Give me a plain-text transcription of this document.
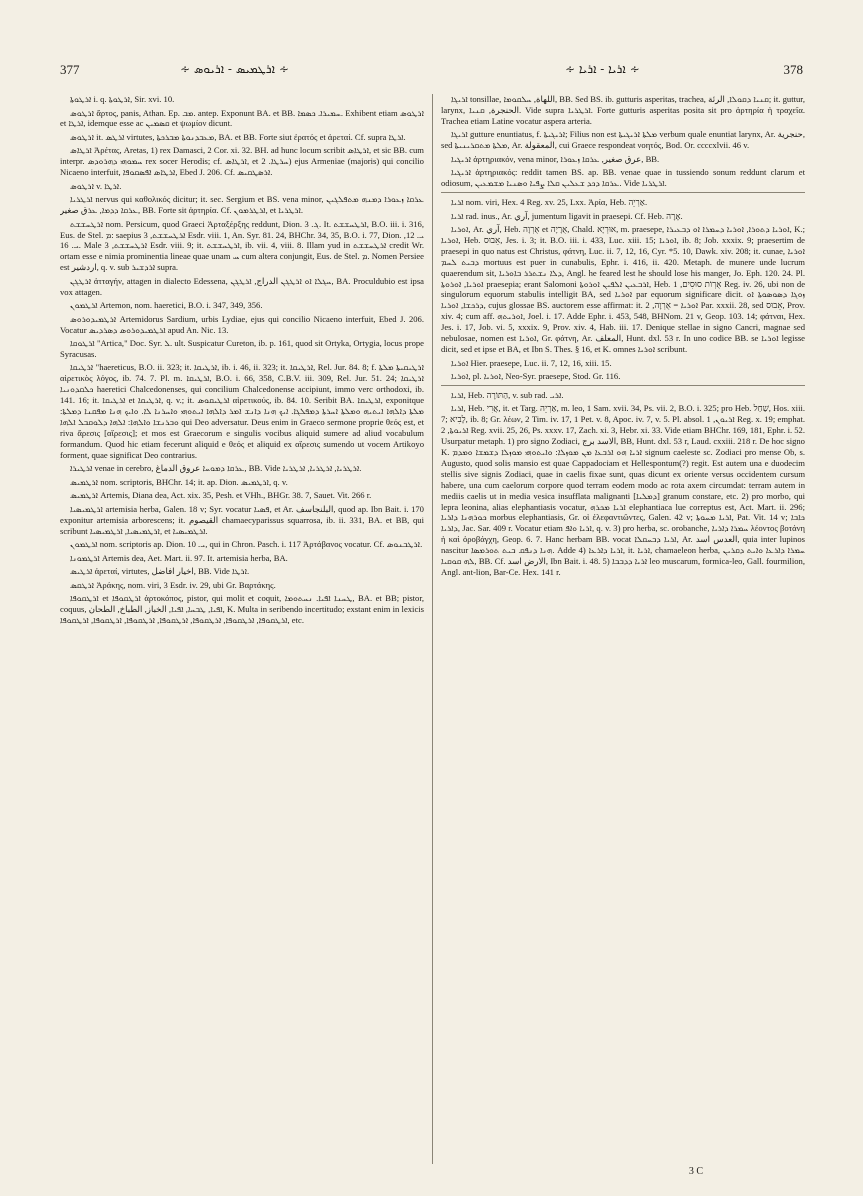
377	∻ ܐܪܛܡܝܣ - ܐܪܝܘܣ ∻	∻ ܐܪܝܐ - ܐܪܝܐ ∻	378

ܐܪܛܘܬܐ i. q. ܐܪܛܘܬܐ, Sir. xvi. 10.

ܐܪܛܘܣ ἄρτος, panis, Athan. Ep. ܡܒ. antep. Exponunt BA. et BB. ܚܡܝܪܐ. ܟܣܡܐ. Exhibent etiam ܐܪܛܘܣ et ܐܪܛܐ, idemque esse ac ܩܣܡܝܢ et ψωμίον dicunt.

ܐܪܛܘܣ it. ܐܪܛܣ virtutes, ܡܥܒܕܢܘܬܐ ܡܒܪܟܬܐ, BA. et BB. Forte siut ἐρατός et ἀρεταί. Cf. supra ܐܪܛܐ.

ܐܪܛܐܣ Ἀρέτας, Aretas, 1) rex Damasci, 2 Cor. xi. 32. BH. ad hunc locum scribit ܐܪܛܐܣ, et sic BB. cum interpr. ܚܡܘܗܝ ܕܗܪܘܕܣ rex socer Herodis; cf. ܐܪܛܐܣ, et ܚܪܛܐ. 2) ejus Armeniae (majoris) qui concilio Nicaeno interfuit, ܐܪܛܐܣ ܐܦܣܩܘܦܐ, Ebed J. 206. Cf. ܐܪܣܛܩܝܣ.

ܐܪܛܘܣ v. ܐܪܛܐ.

ܐܪܛܪܝܐ nervus qui καθολικός dicitur; it. sec. Sergium et BS. vena minor, ܥܪܩܐ ܙܥܘܪܐ ܕܡܢܗ ܡܬܦܠܓܝܢ ܥܪܩܐ ܕܕܡܐ, ܥܪق صغير, BB. Forte sit ἀρτηρία. Cf. ܐܪܛܪܡܘܢ, et ܐܪܛܪܝܐ.

ܐܪܛܚܫܫܬ nom. Persicum, quod Graeci Ἀρταξέρξης reddunt, Dion. ܓ. 3. It. ܐܪܛܚܫܫܬ, B.O. iii. i. 316, Eus. de Stel. ܡ: saepius ܐܪܛܚܫܫܬ, 3 Esdr. viii. 1, An. Syr. 81. 24, BHChr. 34, 35, B.O. i. 77, Dion. ܝ. 12, ܝ. 16. Male ܐܪܛܚܫܫܬ, 3 Esdr. viii. 9; it. ܐܪܛܚܫܫܬ, ib. vii. 4, viii. 8. Illam yud in ܐܪܛܚܫܫܬ credit Wr. ortam esse e nimia prominentia lineae quae unam ܚ cum altera conjungit, Eus. de Stel. ܡ. Nomen Persiee est اردشير, q. v. sub ܐܪܕܫܝܪ supra.

ܐܪܛܓܢ ἀτταγήν, attagen in dialecto Edessena, ܚܓܠܐ ܐܘ ܐܪܛܓܢ الدراج, ܐܪܛܓܢ, BA. Proculdubio est ipsa vox attagen.

ܐܪܛܡܘܢ Artemon, nom. haeretici, B.O. i. 347, 349, 356.

ܐܪܛܡܝܕܘܪܘܣ Artemidorus Sardium, urbis Lydiae, ejus qui concilio Nicaeno interfuit, Ebed J. 206. Vocatur ܐܪܛܡܝܕܘܪܘܣ ܕܣܪܕܝܣ apud An. Nic. 13.

ܐܪܛܘܩܐ "Artica," Doc. Syr. ܠ. ult. Suspicatur Cureton, ib. p. 161, quod sit Ortyka, Ortygia, locus prope Syracusas.

ܐܪܛܝܩܐ "haereticus, B.O. ii. 323; it. ܐܪܛܝܩܐ, ib. i. 46, ii. 323; it. ܐܪܛܝܩܐ, Rel. Jur. 84. 8; f. ܐܪܛܝܩܝܬܐ ܡܠܬܐ αἱρετικὸς λόγος, ib. 74. 7. Pl. m. ܐܪܛܝܩܐ, B.O. i. 66, 358, C.B.V. iii. 309, Rel. Jur. 51. 24; ܐܪܛܝܩܐ ܟܠܩܕܘܢܝܐ haeretici Chalcedonenses, qui concilium Chalcedonense accipiunt, immo verc orthodoxi, ib. 141. 16; it. ܐܪܛܝܩܐ et ܐܪܛܝܩܐ, q. v.; it. ܐܪܛܝܩܘܣ αἱρετικούς, ib. 84. 10. Seribit BA. ܐܪܛܝܩܐ, exponitque ܡܠܬܐ ܕܐܠܗܐ ܐܝܬܝܗ ܘܡܠܬܐ ܐܚܪܬܐ ܕܡܦܠܓܐ. ܐܝܟ ܗܢܐ ܕܐܢܫ ܐܡܪ ܕܐܠܗܐ ܐܝܬܘܗܝ ܘܐܚܪܢܐ ܠܐ. ܘܐܝܟ ܗܢܐ ܡܦܩܢܐ ܕܡܠܬܐ: ܘܒܪܢܫܐ ܘܐܠܗܐ: ܐܠܗܐ ܕܠܘܩܒܠ ܐܠܗܐ qui Deo adversatur. Deus enim in Graeco sermone proprie θεός est, et riva ἄρεσις [αἵρεσις]; et mos est Graecorum e singulis vocibus aliquid sumere ad aliud vocabulum formandum. Quod hic etiam fecerunt aliquid e θεός et aliquid ex αἵρεσις sumendo ut vocem Artikoyo forment, quae significat Deo contrarius.

ܐܪܛܝܪܐ venae in cerebro, ܥܪܩܐ ܕܡܘܚܐ عروق الدماغ, BB. Vide ܐܪܛܪܝܐ, ܐܪܛܪܝܐ, ܐܪܛܪܝܐ.

ܐܪܛܡܝܣ nom. scriptoris, BHChr. 14; it. ap. Dion. ܐܪܛܡܝܣ, q. v.

ܐܪܛܡܝܣ Artemis, Diana dea, Act. xix. 35, Pesh. et VHh., BHGr. 38. 7, Sauet. Vit. 266 r.

ܐܪܛܡܝܣܝܐ artemisia herba, Galen. 18 v; Syr. vocatur ܦܣܝܐ, et Ar. البلنجاسف, quod ap. Ibn Bait. i. 170 exponitur artemisia arborescens; it. القيصوم chamaecyparissus squarrosa, ib. ii. 331, BA. et BB, qui scribunt ܐܪܛܡܝܣܝܐ, ܐܪܛܡܝܣܝܐ, et ܐܪܛܡܝܣܝܐ.

ܐܪܛܡܘܢ nom. scriptoris ap. Dion. ܝ. 10, qui in Chron. Pasch. i. 117 Ἀρτάβανος vocatur. Cf. ܐܪܛܒܢܘܣ.

ܐܪܛܡܘܢܐ Artemis dea, Aet. Mart. ii. 97. It. artemisia herba, BA.

ܐܪܛܝܣ ἀρεταί, virtutes, اخيار افاضل, BB. Vide ܐܪܛܐ.

ܐܪܛܩܣ Ἀράκης, nom. viri, 3 Esdr. iv. 29, ubi Gr. Βαρτάκης.

ܐܪܛܩܘܦܐ et ܐܪܛܩܘܦܐ ἀρτοκόπος, pistor, qui molit et coquit, ܛܚܢܐ ܐܦܝܐ. ܢܚܬܘܡܐ, BA. et BB; pistor, coquus, ܐܦܝܐ, ܛܒܚܐ, ܐܦܝܐ, الخباز, الطباخ, الطحان, K. Multa in seribendo incertitudo; exstant enim in lexicis ܐܪܛܩܘܦܐ, ܐܪܛܩܘܦܐ, ܐܪܛܩܘܦܐ, ܐܪܛܩܘܦܐ, ܐܪܛܩܘܦܐ, ܐܪܛܩܘܦܐ, ܐܪܛܩܘܦܐ, etc.

ܐܪܝܓܐ tonsillae, اللهاة, ܚܠܩܘܡܐ, BB. Sed BS. ib. gutturis asperitas, trachea, ܩܢܝܐ ܕܩܘܠܐ, الرئة; it. guttur, larynx, الحنجرة, ܩܢܝܐ. Vide supra ܐܪܛܪܝܐ. Forte gutturis asperitas posita sit pro ἀρτηρία ἡ τραχεῖα. Trachea etiam Latine vocatur aspera arteria.

ܐܪܝܓܐ gutture enuntiatus, f. ܐܪܝܓܝܬܐ; Filius non est ܡܠܬܐ ܐܪܝܓܝܬܐ verbum quale enuntiat larynx, Ar. حنجرية, sed ܡܠܬܐ ܡܬܩܪܝܢܝܬܐ, Ar. المعقولة, cui Graece respondeat νοητός, Bod. Or. ccccxlvii. 46 v.

ܐܪܝܓܝܐ ἀρτηριακόν, vena minor, عرق صغير, ܥܪܩܐ ܙܥܘܪܐ, BB.

ܐܪܝܓܝܐ ἀρτηριακός: reddit tamen BS. ap. BB. venae quae in tussiendo sonum reddunt clarum et odiosum, ܥܪܩܐ ܕܟܕ ܫܥܠܝܢ ܩܠܐ ܨܦܝܐ ܘܣܢܝܐ ܡܫܡܥܝܢ. Vide ܐܪܛܪܝܐ.

ܐܪܝܐ nom. viri, Hex. 4 Reg. xv. 25, Lxx. Ἀρία, Heb. אַרְיֵה.

ܐܪܝܐ rad. inus., Ar. آري, jumentum ligavit in praesepi. Cf. Heb. אָרָה.

ܐܘܪܝܐ, Ar. آري, Heb. אֻרְוָה et אֻרָיָה, Chald. אוּרְיָא, m. praesepe, ܐܘܪܝܐ ܕܬܘܪܐ, ܐܘܪܝܐ ܕܚܡܪܐ ܐܘ ܕܒܥܝܪܐ, K.; ܐܘܪܝܐ, Heb. אֵבוּס, Jes. i. 3; it. B.O. iii. i. 433, Luc. xiii. 15; ܐܘܪܝܐ, ib. 8; Job. xxxix. 9; praesertim de praesepi in quo natus est Christus, φάτνη, Luc. ii. 7, 12, 16, Cyr. *5. 10, Dawk. xiv. 208; it. cunae, ܐܘܪܝܐ ܕܒܝܬ ܠܚܡ mortuus est puer in cunabulis, Ephr. i. 416, ii. 420. Metaph. de munere unde lucrum quaerendum sit, ܕܠܐ ܢܫܬܪܪ ܒܐܘܪܝܐ, Angl. he feared lest he should lose his manger, Jo. Eph. 120. 24. Pl. ܐܘܪܝܐ, ܐܘܪܘܬܐ praesepia; erant Salomoni ܐܪܒܥܝܢ ܐܠܦܝܢ ܐܘܪܘܬܐ, Heb. אֻרְוֹת סוּסִים, 1 Reg. iv. 26, ubi non de singulorum equorum stabulis intelligit BA, sed ܐܘܪܝܐ par equorum significare dicit. ܙܘܓܐ ܕܣܘܣܘܬܐ ܐܘ ܕܪܟܫܐ, ܐܘܪܝܐ, cujus glossae BS. auctorem esse affirmat: it. ܐܘܪܝܐ = אֻרְוָה, 2 Par. xxxii. 28, sed אֵבוּס, Prov. xiv. 4; cum aff. ܐܘܪܝܬܗ, Joel. i. 17. Adde Ephr. i. 453, 548, BHNom. 21 v, Geop. 103. 14; φάτναι, Hex. Jes. i. 17, Job. vi. 5, xxxix. 9, Prov. xiv. 4, Hab. iii. 17. Denique stellae in signo Cancri, magnae sed nebulosae, nomen est ܐܘܪܝܐ, Gr. φάτνη, Ar. المعلف, Hunt. dxl. 53 r. In uno codice BB. se ܐܘܪܝܐ legisse dicit, sed et ipse et BA, et Ibn S. Thes. § 16, et K. omnes ܐܘܪܝܐ scribunt.

ܐܘܪܝܐ Hier. praesepe, Luc. ii. 7, 12, 16, xiii. 15.

ܐܘܪܝܐ, pl. ܐܘܪܝܐ, Neo-Syr. praesepe, Stod. Gr. 116.

ܐܪܝܐ, Heb. הַתּוֹרָה, v. sub rad. ܐܪܝ.

ܐܪܝܐ, Heb. אֲרִי, it. et Targ. אַרְיֵה, m. leo, 1 Sam. xvii. 34, Ps. vii. 2, B.O. i. 325; pro Heb. שַׁחַל, Hos. xiii. 7; לָבִיא, ib. 8; Gr. λέων, 2 Tim. iv. 17, 1 Pet. v. 8, Apoc. iv. 7, v. 5. Pl. absol. ܐܪܝܘܢ, 1 Reg. x. 19; emphat. ܐܪܝܘܬܐ, 2 Reg. xvii. 25, 26, Ps. xxxv. 17, Zach. xi. 3, Hebr. xi. 33. Vide etiam BHChr. 169, 181, Ephr. i. 52. Usurpatur metaph. 1) pro signo Zodiaci, الاسد برج, BB, Hunt. dxl. 53 r, Laud. cxxiii. 218 r. De hoc signo K. ܐܪܝܐ ܗܘ ܐܪܒܥܐ ܡܢ ܡܘܙܠܐ: ܘܐܝܬܘܗܝ ܡܘܙܠܐ ܕܫܡܫܐ ܘܡܕܡ signum caeleste sc. Zodiaci pro mense Ob, s. Augusto, quod solis mansio est quae Cappadociam et Hellespontum(?) regit. Est autem una e duodecim stellis sive signis Zodiaci, quae in caelis fixae sunt, quas dicunt ex oriente versus occidentem cursum habere, una cum caelorum corpore quod terram eodem modo ac rota axem circumdat: terram autem in mediis caelis ut in media vesica insufflata malignanti [ܕܡܠܝܐ] granum constare, etc. 2) pro morbo, qui lepra leonina, alias elephantiasis vocatur, ܐܪܝܐ ܡܟܪܗ elephantiaca lue correptus est, Act. Mart. ii. 296; ܟܘܪܗܢܐ ܕܐܪܝܐ morbus elephantiasis, Gr. οἱ ἐλεφαντιῶντες, Galen. 42 v; ܐܪܝܐ ܡܚܘܬܐ, Pat. Vit. 14 v; ܟܐܒܐ ܕܐܪܝܐ, Jac. Sar. 409 r. Vocatur etiam ܐܪܝܐ ܘܐܦ, q. v. 3) pro herba, sc. orobanche, ܚܡܪܐ ܕܐܪܝܐ λέοντος βοτάνη ἡ καὶ ὀροβάγχη, Geop. 6. 7. Hanc herbam BB. vocat ܐܪܝܐ ܕܒܚܩܠܐ, Ar. العدس اسد, quia inter lupinos nascitur ܗܢܐ ܕܢܦܩ ܒܝܬ ܬܘܪܡܣܐ. Adde 4) ܐܪܝܐ ܕܐܪܥܐ, it. ܐܪܝܐ, chamaeleon herba, ܚܡܪܐ ܕܐܪܥܐ ܘܐܝܬ ܕܩܪܝܢ ܠܗ ܩܘܩܝܐ, BB. Cf. الارض اسد, Ibn Bait. i. 48. 5) ܐܪܝܐ ܕܕܒܒܐ leo muscarum, formica-leo, Gall. fourmilion, Angl. ant-lion, Bar-Ce. Hex. 141 r.

3 C
